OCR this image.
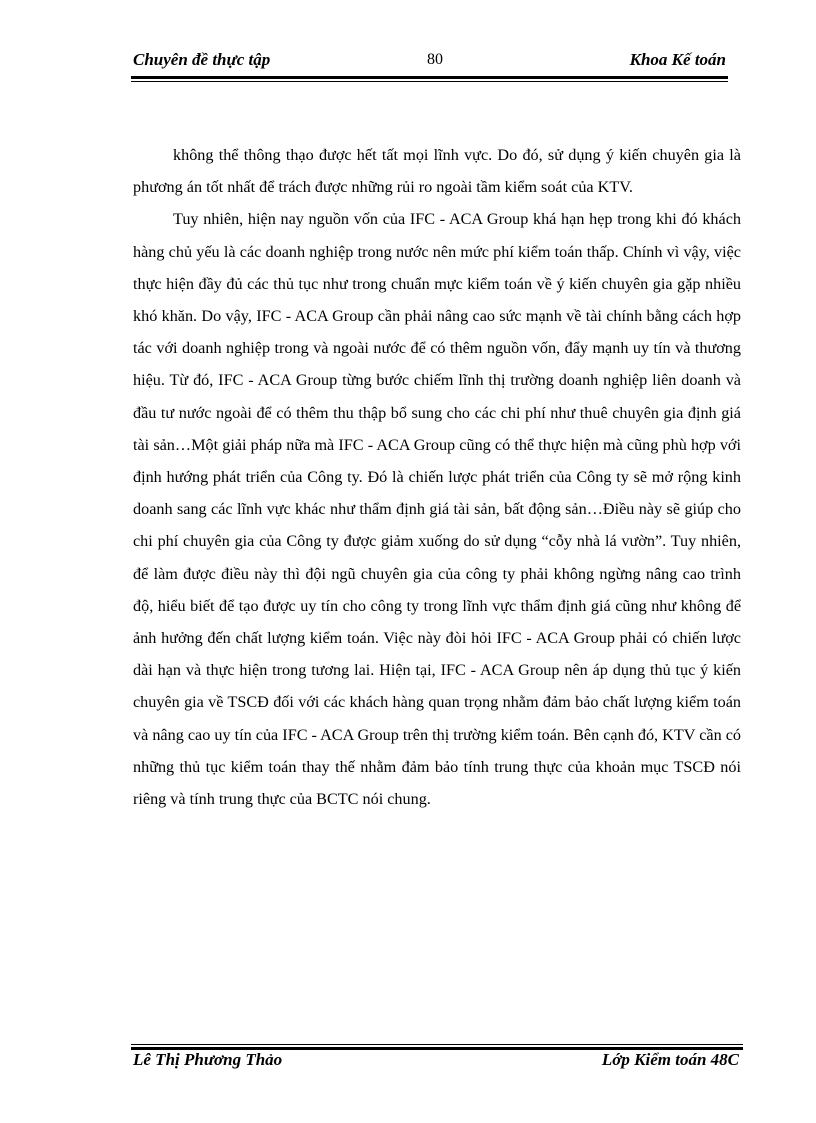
Chuyên đề thực tập	80	Khoa Kế toán

không thể thông thạo được hết tất mọi lĩnh vực. Do đó, sử dụng ý kiến chuyên gia là phương án tốt nhất để trách được những rủi ro ngoài tầm kiểm soát của KTV.

Tuy nhiên, hiện nay nguồn vốn của IFC - ACA Group khá hạn hẹp trong khi đó khách hàng chủ yếu là các doanh nghiệp trong nước nên mức phí kiểm toán thấp. Chính vì vậy, việc thực hiện đầy đủ các thủ tục như trong chuẩn mực kiểm toán về ý kiến chuyên gia gặp nhiều khó khăn. Do vậy, IFC - ACA Group cần phải nâng cao sức mạnh về tài chính bằng cách hợp tác với doanh nghiệp trong và ngoài nước để có thêm nguồn vốn, đẩy mạnh uy tín và thương hiệu. Từ đó, IFC - ACA Group từng bước chiếm lĩnh thị trường doanh nghiệp liên doanh và đầu tư nước ngoài để có thêm thu thập bổ sung cho các chi phí như thuê chuyên gia định giá tài sản…Một giải pháp nữa mà IFC - ACA Group cũng có thể thực hiện mà cũng phù hợp với định hướng phát triển của Công ty. Đó là chiến lược phát triển của Công ty sẽ mở rộng kinh doanh sang các lĩnh vực khác như thẩm định giá tài sản, bất động sản…Điều này sẽ giúp cho chi phí chuyên gia của Công ty được giảm xuống do sử dụng “cỗy nhà lá vườn”. Tuy nhiên, để làm được điều này thì đội ngũ chuyên gia của công ty phải không ngừng nâng cao trình độ, hiểu biết để tạo được uy tín cho công ty trong lĩnh vực thẩm định giá cũng như không để ảnh hưởng đến chất lượng kiểm toán. Việc này đòi hỏi IFC - ACA Group phải có chiến lược dài hạn và thực hiện trong tương lai. Hiện tại, IFC - ACA Group nên áp dụng thủ tục ý kiến chuyên gia về TSCĐ đối với các khách hàng quan trọng nhằm đảm bảo chất lượng kiểm toán và nâng cao uy tín của IFC - ACA Group trên thị trường kiểm toán. Bên cạnh đó, KTV cần có những thủ tục kiểm toán thay thế nhằm đảm bảo tính trung thực của khoản mục TSCĐ nói riêng và tính trung thực của BCTC nói chung.

Lê Thị Phương Thảo	Lớp Kiểm toán 48C
